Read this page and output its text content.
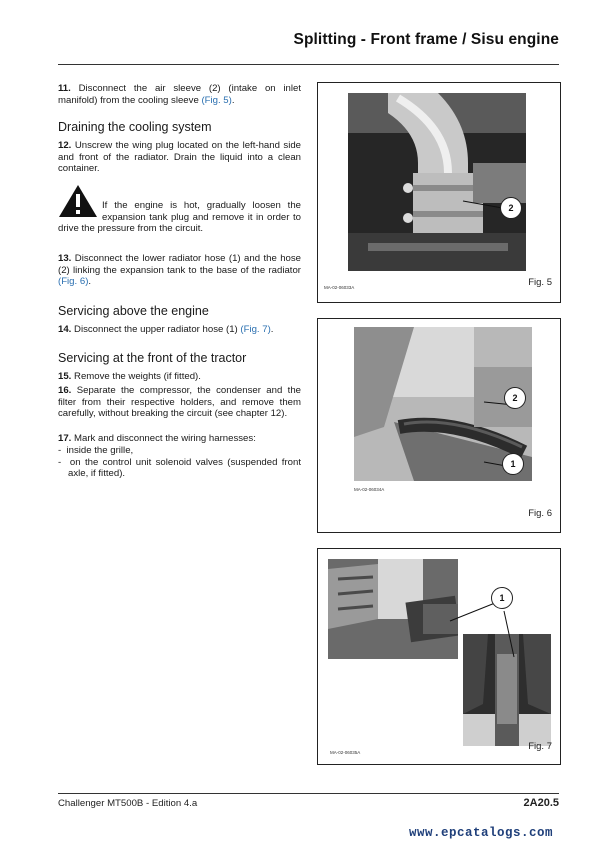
Splitting - Front frame / Sisu engine
11. Disconnect the air sleeve (2) (intake on inlet manifold) from the cooling sleeve (Fig. 5).
Draining the cooling system
12. Unscrew the wing plug located on the left-hand side and front of the radiator. Drain the liquid into a clean container.
If the engine is hot, gradually loosen the expansion tank plug and remove it in order to drive the pressure from the circuit.
13. Disconnect the lower radiator hose (1) and the hose (2) linking the expansion tank to the base of the radiator (Fig. 6).
Servicing above the engine
14. Disconnect the upper radiator hose (1) (Fig. 7).
Servicing at the front of the tractor
15. Remove the weights (if fitted).
16. Separate the compressor, the condenser and the filter from their respective holders, and remove them carefully, without breaking the circuit (see chapter 12).
17. Mark and disconnect the wiring harnesses:
-  inside the grille,
-  on the control unit solenoid valves (suspended front axle, if fitted).
2
MA-02-06033A	Fig. 5
2
1
MA-02-06034A
Fig. 6
1
MA-02-06035A
Fig. 7
Challenger MT500B - Edition 4.a	2A20.5
www.epcatalogs.com
